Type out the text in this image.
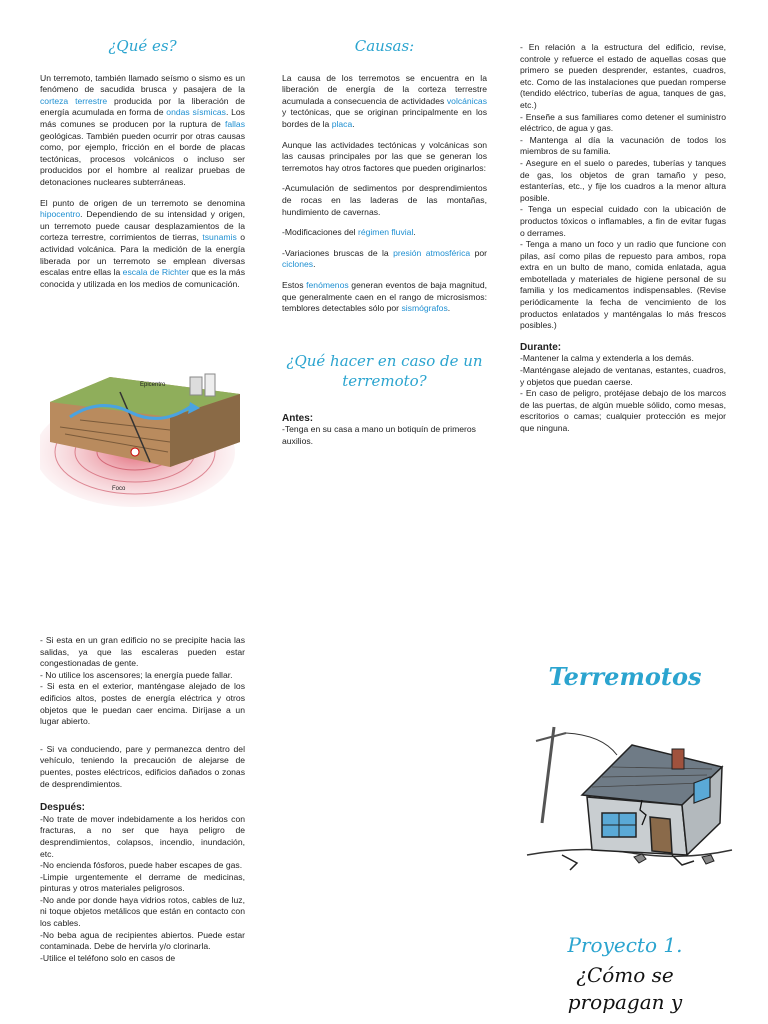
¿Qué es?

Un terremoto, también llamado seísmo o sismo es un fenómeno de sacudida brusca y pasajera de la corteza terrestre producida por la liberación de energía acumulada en forma de ondas sísmicas. Los más comunes se producen por la ruptura de fallas geológicas. También pueden ocurrir por otras causas como, por ejemplo, fricción en el borde de placas tectónicas, procesos volcánicos o incluso ser producidos por el hombre al realizar pruebas de detonaciones nucleares subterráneas.

El punto de origen de un terremoto se denomina hipocentro. Dependiendo de su intensidad y origen, un terremoto puede causar desplazamientos de la corteza terrestre, corrimientos de tierras, tsunamis o actividad volcánica. Para la medición de la energía liberada por un terremoto se emplean diversas escalas entre ellas la escala de Richter que es la más conocida y utilizada en los medios de comunicación.

Epicentro
Foco
Causas:

La causa de los terremotos se encuentra en la liberación de energía de la corteza terrestre acumulada a consecuencia de actividades volcánicas y tectónicas, que se originan principalmente en los bordes de la placa.

Aunque las actividades tectónicas y volcánicas son las causas principales por las que se generan los terremotos hay otros factores que pueden originarlos:

-Acumulación de sedimentos por desprendimientos de rocas en las laderas de las montañas, hundimiento de cavernas.

-Modificaciones del régimen fluvial.

-Variaciones bruscas de la presión atmosférica por ciclones.

Estos fenómenos generan eventos de baja magnitud, que generalmente caen en el rango de microsismos: temblores detectables sólo por sismógrafos.

¿Qué hacer en caso de un terremoto?
Antes:
-Tenga en su casa a mano un botiquín de primeros auxilios.
- En relación a la estructura del edificio, revise, controle y refuerce el estado de aquellas cosas que primero se pueden desprender, estantes, cuadros, etc. Como de las instalaciones que puedan romperse (tendido eléctrico, tuberías de agua, tanques de gas, etc.)
- Enseñe a sus familiares como detener el suministro eléctrico, de agua y gas.
- Mantenga al día la vacunación de todos los miembros de su familia.
- Asegure en el suelo o paredes, tuberías y tanques de gas, los objetos de gran tamaño y peso, estanterías, etc., y fije los cuadros a la menor altura posible.
- Tenga un especial cuidado con la ubicación de productos tóxicos o inflamables, a fin de evitar fugas o derrames.
- Tenga a mano un foco y un radio que funcione con pilas, así como pilas de repuesto para ambos, ropa extra en un bulto de mano, comida enlatada, agua embotellada y materiales de higiene personal de su familia y los medicamentos indispensables. (Revise periódicamente la fecha de vencimiento de los productos enlatados y manténgalas lo más frescos posibles.)
Durante:
-Mantener la calma y extenderla a los demás.
-Manténgase alejado de ventanas, estantes, cuadros, y objetos que puedan caerse.
- En caso de peligro, protéjase debajo de los marcos de las puertas, de algún mueble sólido, como mesas, escritorios o camas; cualquier protección es mejor que ninguna.
- Si esta en un gran edificio no se precipite hacia las salidas, ya que las escaleras pueden estar congestionadas de gente.
- No utilice los ascensores; la energía puede fallar.
- Si esta en el exterior, manténgase alejado de los edificios altos, postes de energía eléctrica y otros objetos que le puedan caer encima. Diríjase a un lugar abierto.

- Si va conduciendo, pare y permanezca dentro del vehículo, teniendo la precaución de alejarse de puentes, postes eléctricos, edificios dañados o zonas de desprendimientos.

Después:
-No trate de mover indebidamente a los heridos con fracturas, a no ser que haya peligro de desprendimientos, colapsos, incendio, inundación, etc.
-No encienda fósforos, puede haber escapes de gas.
-Limpie urgentemente el derrame de medicinas, pinturas y otros materiales peligrosos.
-No ande por donde haya vidrios rotos, cables de luz, ni toque objetos metálicos que están en contacto con los cables.
-No beba agua de recipientes abiertos. Puede estar contaminada. Debe de hervirla y/o clorinarla.
-Utilice el teléfono solo en casos de
Terremotos
Proyecto 1.
¿Cómo se
propagan y
